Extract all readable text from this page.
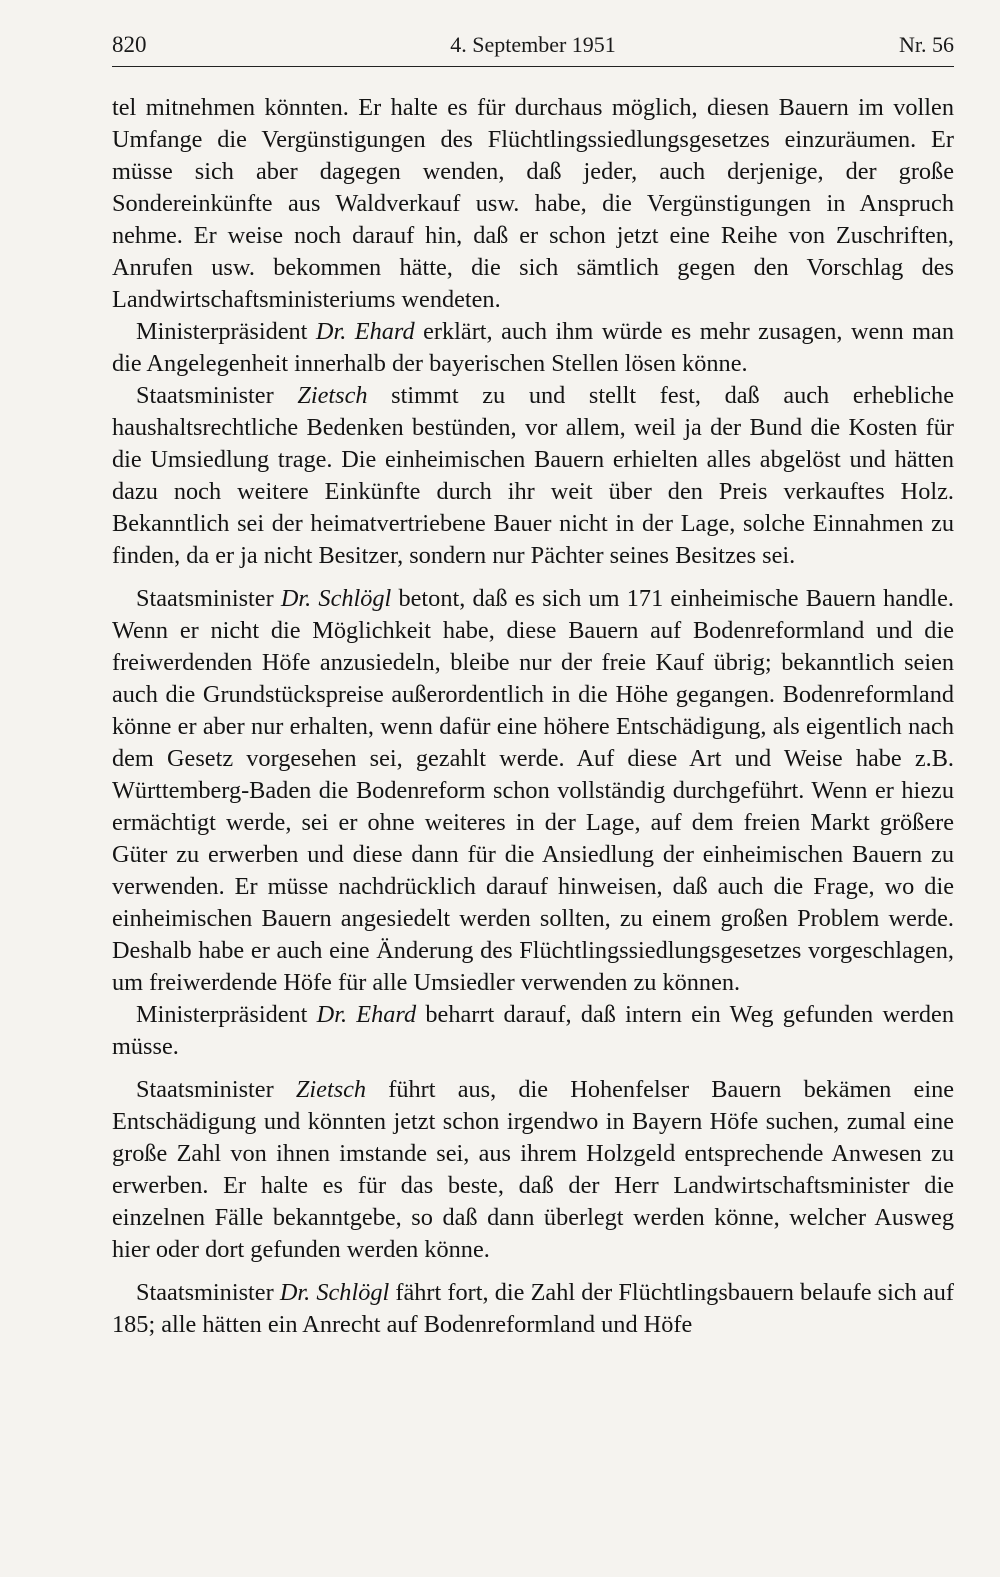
820	4. September 1951	Nr. 56

tel mitnehmen könnten. Er halte es für durchaus möglich, diesen Bauern im vollen Umfange die Vergünstigungen des Flüchtlingssiedlungsgesetzes einzuräumen. Er müsse sich aber dagegen wenden, daß jeder, auch derjenige, der große Sondereinkünfte aus Waldverkauf usw. habe, die Vergünstigungen in Anspruch nehme. Er weise noch darauf hin, daß er schon jetzt eine Reihe von Zuschriften, Anrufen usw. bekommen hätte, die sich sämtlich gegen den Vorschlag des Landwirtschaftsministeriums wendeten.

Ministerpräsident Dr. Ehard erklärt, auch ihm würde es mehr zusagen, wenn man die Angelegenheit innerhalb der bayerischen Stellen lösen könne.

Staatsminister Zietsch stimmt zu und stellt fest, daß auch erhebliche haushaltsrechtliche Bedenken bestünden, vor allem, weil ja der Bund die Kosten für die Umsiedlung trage. Die einheimischen Bauern erhielten alles abgelöst und hätten dazu noch weitere Einkünfte durch ihr weit über den Preis verkauftes Holz. Bekanntlich sei der heimatvertriebene Bauer nicht in der Lage, solche Einnahmen zu finden, da er ja nicht Besitzer, sondern nur Pächter seines Besitzes sei.

Staatsminister Dr. Schlögl betont, daß es sich um 171 einheimische Bauern handle. Wenn er nicht die Möglichkeit habe, diese Bauern auf Bodenreformland und die freiwerdenden Höfe anzusiedeln, bleibe nur der freie Kauf übrig; bekanntlich seien auch die Grundstückspreise außerordentlich in die Höhe gegangen. Bodenreformland könne er aber nur erhalten, wenn dafür eine höhere Entschädigung, als eigentlich nach dem Gesetz vorgesehen sei, gezahlt werde. Auf diese Art und Weise habe z.B. Württemberg-Baden die Bodenreform schon vollständig durchgeführt. Wenn er hiezu ermächtigt werde, sei er ohne weiteres in der Lage, auf dem freien Markt größere Güter zu erwerben und diese dann für die Ansiedlung der einheimischen Bauern zu verwenden. Er müsse nachdrücklich darauf hinweisen, daß auch die Frage, wo die einheimischen Bauern angesiedelt werden sollten, zu einem großen Problem werde. Deshalb habe er auch eine Änderung des Flüchtlingssiedlungsgesetzes vorgeschlagen, um freiwerdende Höfe für alle Umsiedler verwenden zu können.

Ministerpräsident Dr. Ehard beharrt darauf, daß intern ein Weg gefunden werden müsse.

Staatsminister Zietsch führt aus, die Hohenfelser Bauern bekämen eine Entschädigung und könnten jetzt schon irgendwo in Bayern Höfe suchen, zumal eine große Zahl von ihnen imstande sei, aus ihrem Holzgeld entsprechende Anwesen zu erwerben. Er halte es für das beste, daß der Herr Landwirtschaftsminister die einzelnen Fälle bekanntgebe, so daß dann überlegt werden könne, welcher Ausweg hier oder dort gefunden werden könne.

Staatsminister Dr. Schlögl fährt fort, die Zahl der Flüchtlingsbauern belaufe sich auf 185; alle hätten ein Anrecht auf Bodenreformland und Höfe
